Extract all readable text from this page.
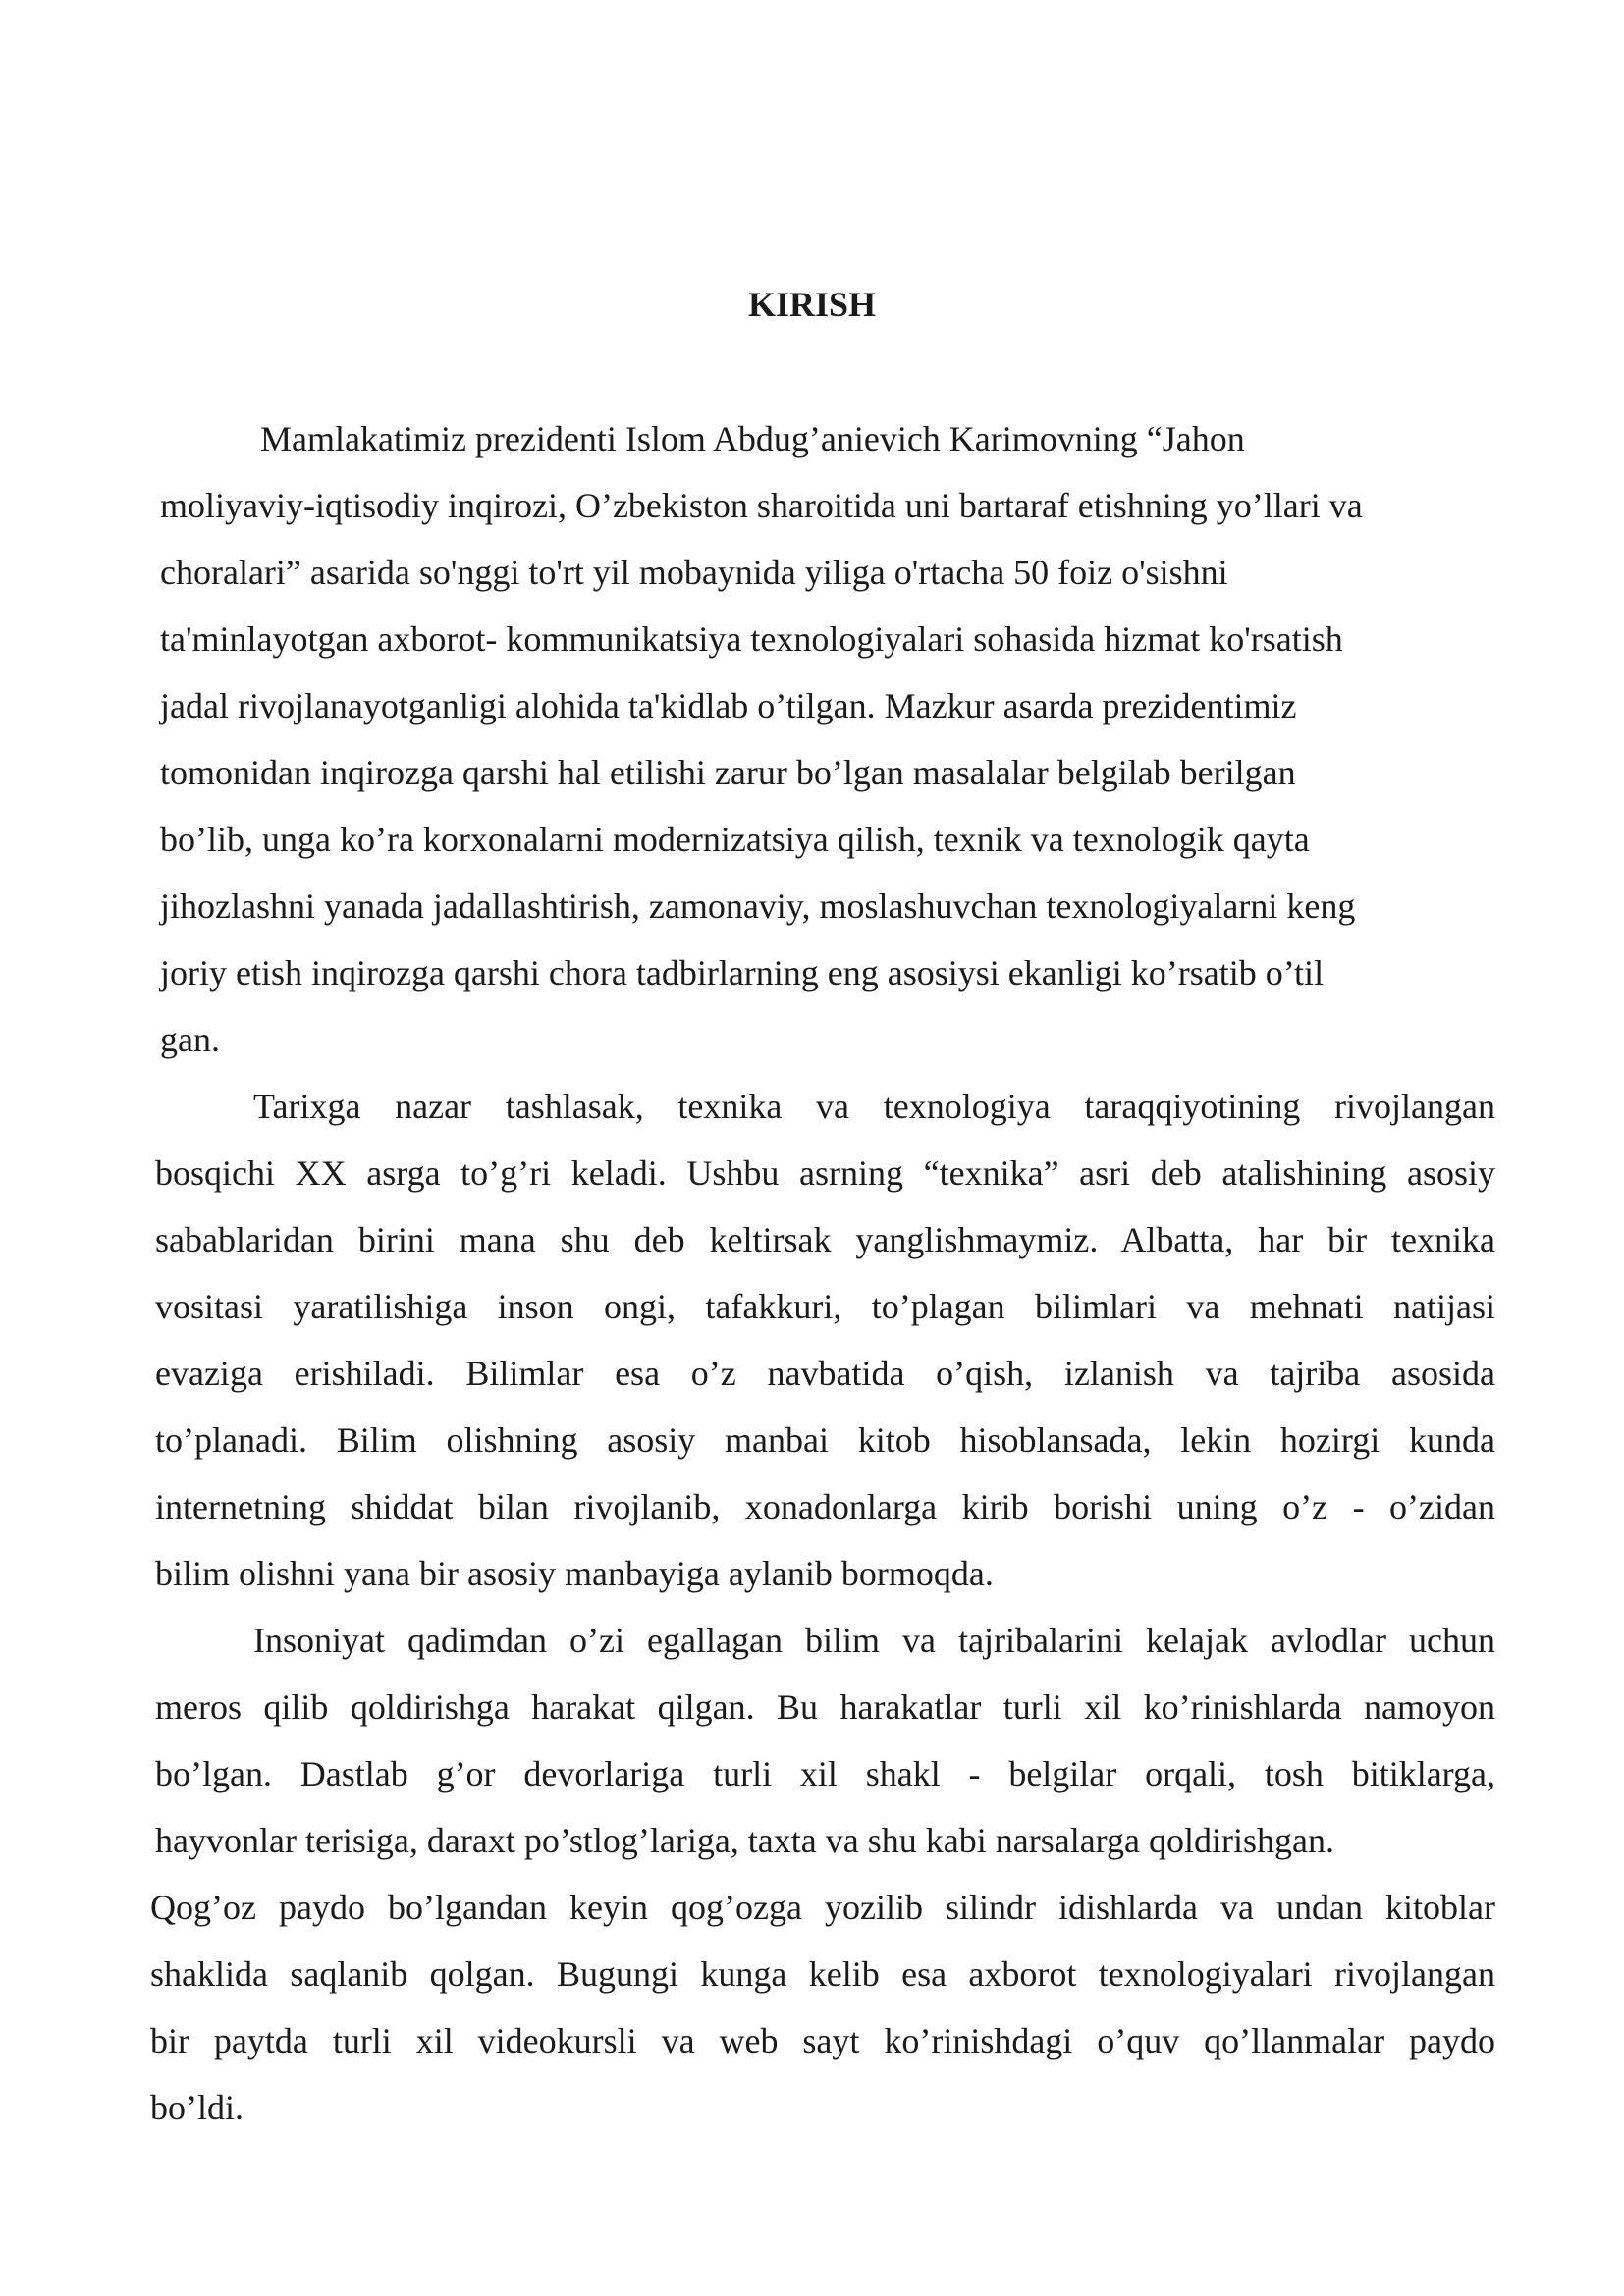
KIRISH
Mamlakatimiz prezidenti Islom Abdug’anievich Karimovning “Jahon
moliyaviy-iqtisodiy inqirozi, O’zbekiston sharoitida uni bartaraf etishning yo’llari va
choralari” asarida so'nggi to'rt yil mobaynida yiliga o'rtacha 50 foiz o'sishni
ta'minlayotgan axborot- kommunikatsiya texnologiyalari sohasida hizmat ko'rsatish
jadal rivojlanayotganligi alohida ta'kidlab o’tilgan. Mazkur asarda prezidentimiz
tomonidan inqirozga qarshi hal etilishi zarur bo’lgan masalalar belgilab berilgan
bo’lib, unga ko’ra korxonalarni modernizatsiya qilish, texnik va texnologik qayta
jihozlashni yanada jadallashtirish, zamonaviy, moslashuvchan texnologiyalarni keng
joriy etish inqirozga qarshi chora tadbirlarning eng asosiysi ekanligi ko’rsatib o’til
gan.
Tarixga nazar tashlasak, texnika va texnologiya taraqqiyotining rivojlangan
bosqichi XX asrga to’g’ri keladi. Ushbu asrning “texnika” asri deb atalishining asosiy
sabablaridan birini mana shu deb keltirsak yanglishmaymiz. Albatta, har bir texnika
vositasi yaratilishiga inson ongi, tafakkuri, to’plagan bilimlari va mehnati natijasi
evaziga erishiladi. Bilimlar esa o’z navbatida o’qish, izlanish va tajriba asosida
to’planadi. Bilim olishning asosiy manbai kitob hisoblansada, lekin hozirgi kunda
internetning shiddat bilan rivojlanib, xonadonlarga kirib borishi uning o’z - o’zidan
bilim olishni yana bir asosiy manbayiga aylanib bormoqda.
Insoniyat qadimdan o’zi egallagan bilim va tajribalarini kelajak avlodlar uchun
meros qilib qoldirishga harakat qilgan. Bu harakatlar turli xil ko’rinishlarda namoyon
bo’lgan. Dastlab g’or devorlariga turli xil shakl - belgilar orqali, tosh bitiklarga,
hayvonlar terisiga, daraxt po’stlog’lariga, taxta va shu kabi narsalarga qoldirishgan.
Qog’oz paydo bo’lgandan keyin qog’ozga yozilib silindr idishlarda va undan kitoblar
shaklida saqlanib qolgan. Bugungi kunga kelib esa axborot texnologiyalari rivojlangan
bir paytda turli xil videokursli va web sayt ko’rinishdagi o’quv qo’llanmalar paydo
bo’ldi.
